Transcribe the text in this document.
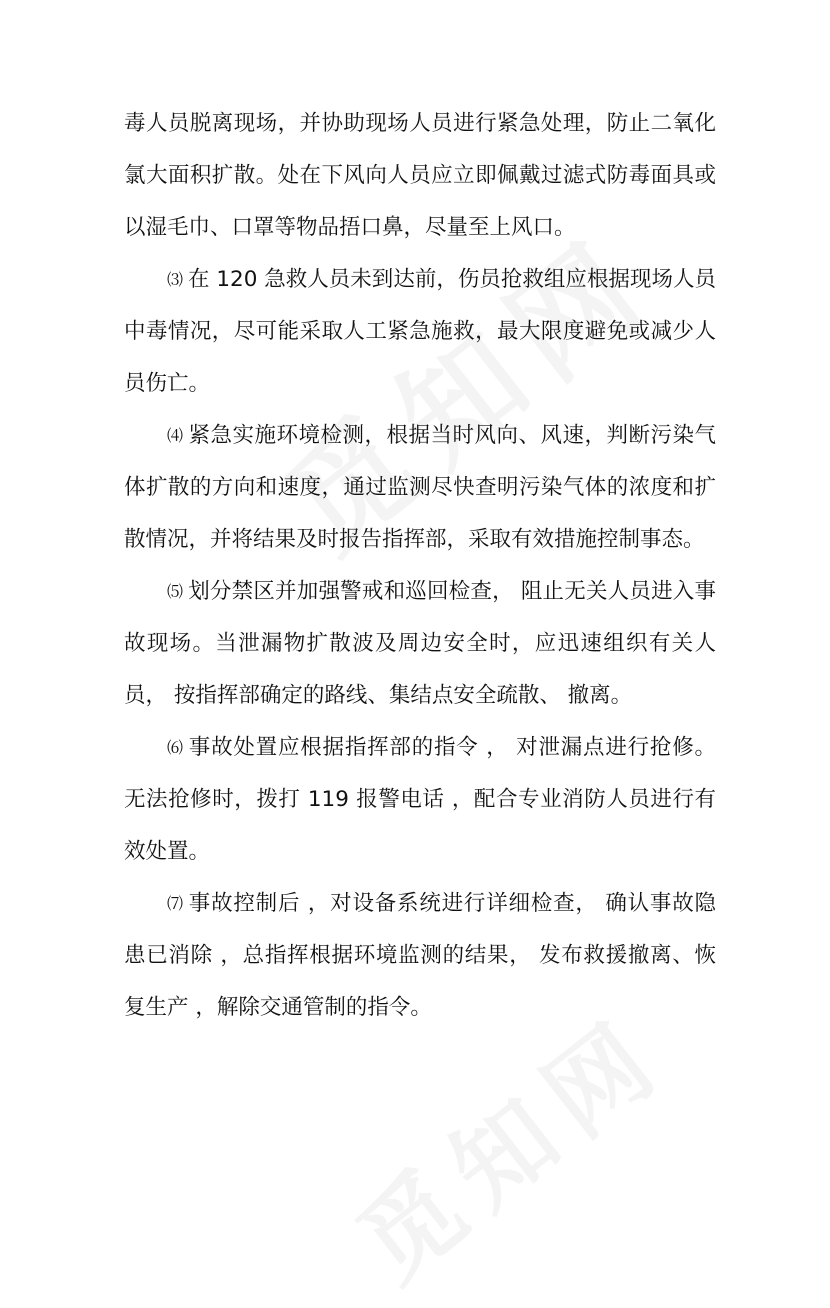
毒人员脱离现场，并协助现场人员进行紧急处理，防止二氧化氯大面积扩散。处在下风向人员应立即佩戴过滤式防毒面具或以湿毛巾、口罩等物品捂口鼻，尽量至上风口。

⑶ 在 120 急救人员未到达前，伤员抢救组应根据现场人员中毒情况，尽可能采取人工紧急施救，最大限度避免或减少人员伤亡。

⑷ 紧急实施环境检测，根据当时风向、风速，判断污染气体扩散的方向和速度，通过监测尽快查明污染气体的浓度和扩散情况，并将结果及时报告指挥部，采取有效措施控制事态。

⑸ 划分禁区并加强警戒和巡回检查， 阻止无关人员进入事故现场。当泄漏物扩散波及周边安全时，应迅速组织有关人员， 按指挥部确定的路线、集结点安全疏散、 撤离。

⑹ 事故处置应根据指挥部的指令 ， 对泄漏点进行抢修。无法抢修时，拨打 119 报警电话 ，配合专业消防人员进行有效处置。

⑺ 事故控制后 ，对设备系统进行详细检查， 确认事故隐患已消除 ，总指挥根据环境监测的结果， 发布救援撤离、恢复生产 ，解除交通管制的指令。
